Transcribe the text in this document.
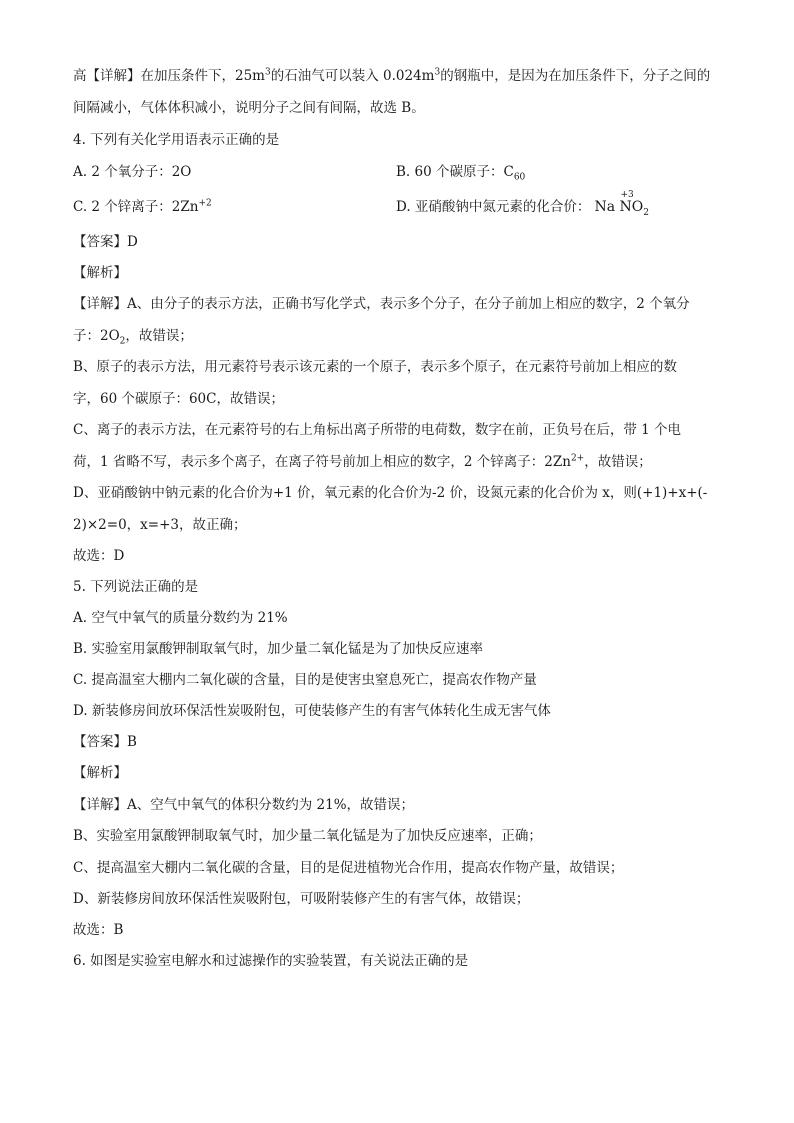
高【详解】在加压条件下，$25m^3$的石油气可以装入 $0.024m^3$的钢瓶中，是因为在加压条件下，分子之间的
间隔减小，气体体积减小，说明分子之间有间隔，故选 B。
4. 下列有关化学用语表示正确的是
A. 2 个氧分子：2O	B. 60 个碳原子：$C_{60}$
C. 2 个锌离子：$2Zn^{+2}$	D. 亚硝酸钠中氮元素的化合价： Na
+3
$NO_2$
【答案】D
【解析】
【详解】A、由分子的表示方法，正确书写化学式，表示多个分子，在分子前加上相应的数字，2 个氧分
子：$2O_2$，故错误；
B、原子的表示方法，用元素符号表示该元素的一个原子，表示多个原子，在元素符号前加上相应的数
字，60 个碳原子：60C，故错误；
C、离子的表示方法，在元素符号的右上角标出离子所带的电荷数，数字在前，正负号在后，带 1 个电
荷，1 省略不写，表示多个离子，在离子符号前加上相应的数字，2 个锌离子：$2Zn^{2+}$，故错误；
D、亚硝酸钠中钠元素的化合价为+1 价，氧元素的化合价为-2 价，设氮元素的化合价为 x，则(+1)+x+(-
2)×2=0，x=+3，故正确；
故选：D
5. 下列说法正确的是
A. 空气中氧气的质量分数约为 21%
B. 实验室用氯酸钾制取氧气时，加少量二氧化锰是为了加快反应速率
C. 提高温室大棚内二氧化碳的含量，目的是使害虫窒息死亡，提高农作物产量
D. 新装修房间放环保活性炭吸附包，可使装修产生的有害气体转化生成无害气体
【答案】B
【解析】
【详解】A、空气中氧气的体积分数约为 21%，故错误；
B、实验室用氯酸钾制取氧气时，加少量二氧化锰是为了加快反应速率，正确；
C、提高温室大棚内二氧化碳的含量，目的是促进植物光合作用，提高农作物产量，故错误；
D、新装修房间放环保活性炭吸附包，可吸附装修产生的有害气体，故错误；
故选：B
6. 如图是实验室电解水和过滤操作的实验装置，有关说法正确的是
